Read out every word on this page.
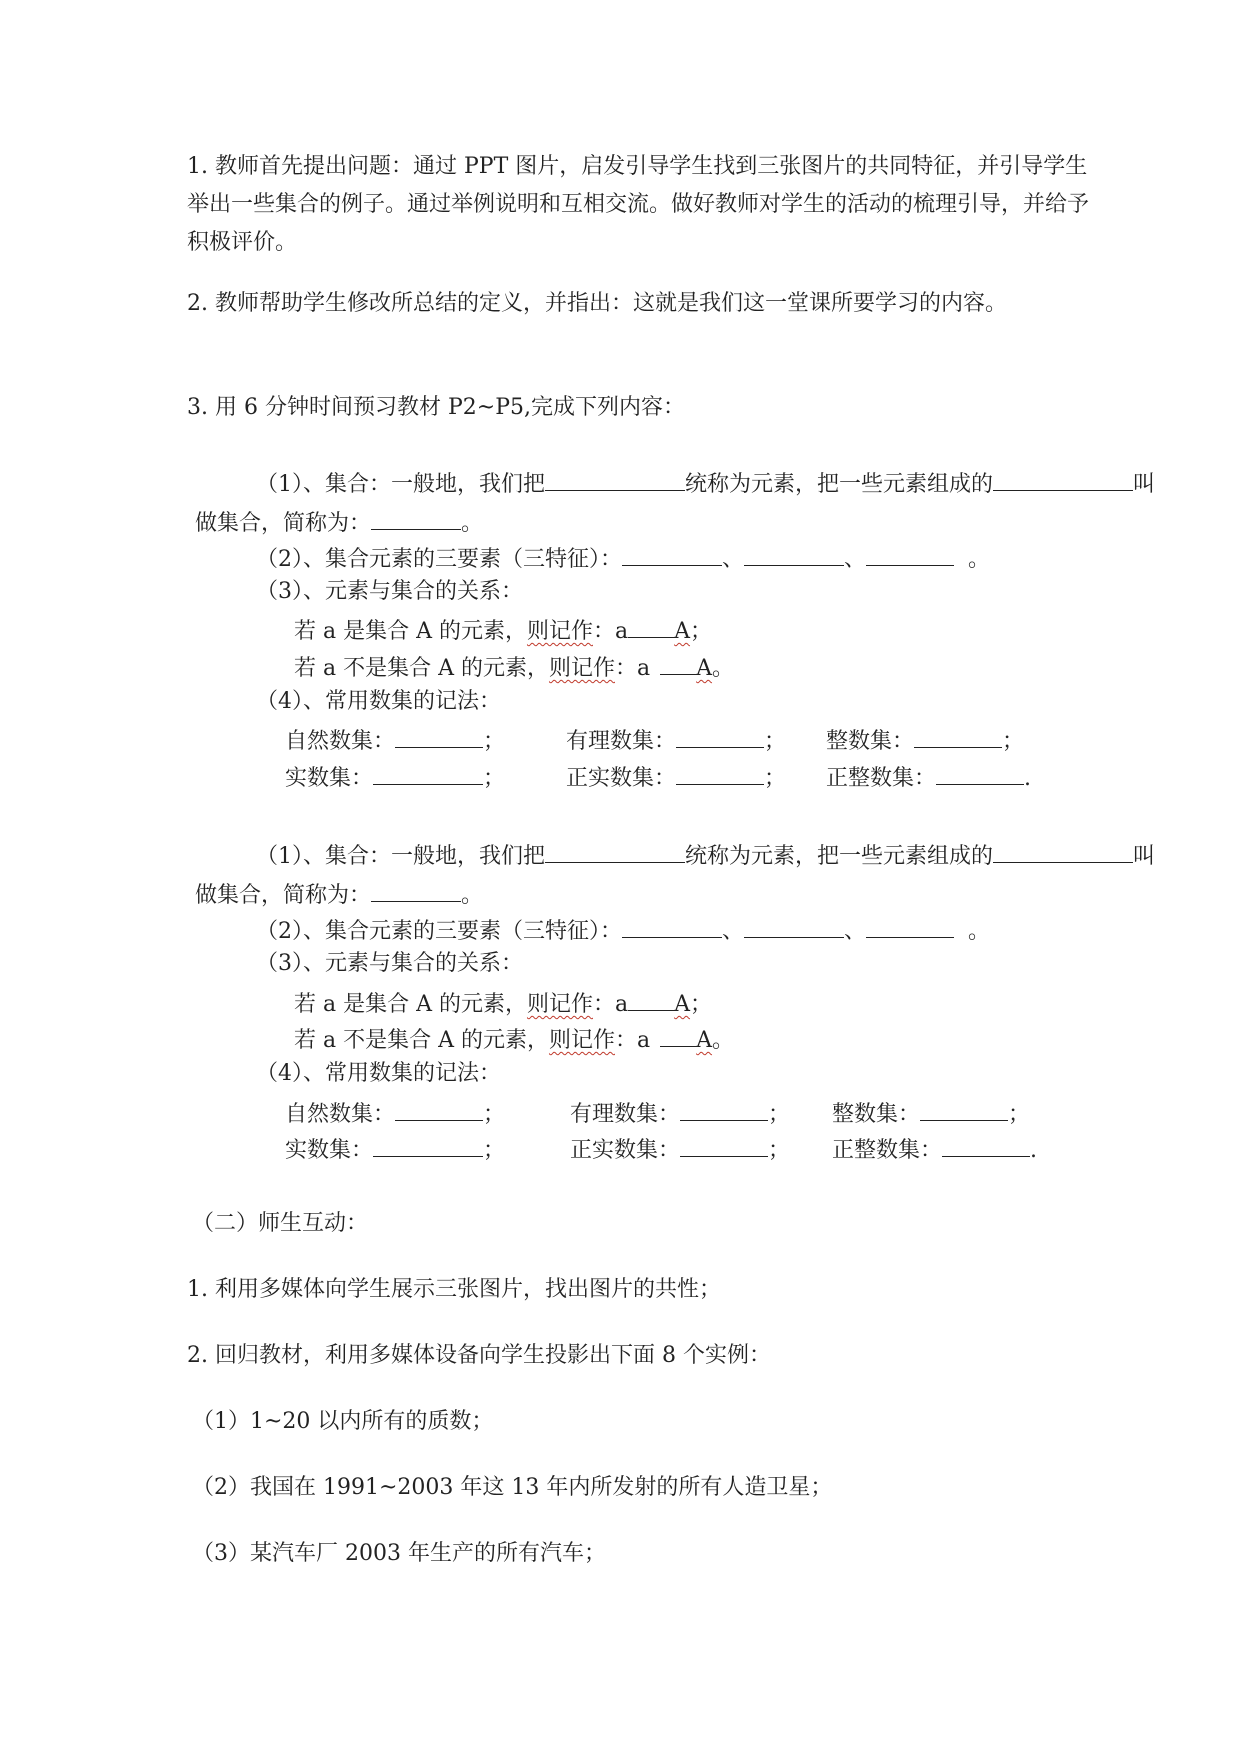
1. 教师首先提出问题：通过 PPT 图片，启发引导学生找到三张图片的共同特征，并引导学生举出一些集合的例子。通过举例说明和互相交流。做好教师对学生的活动的梳理引导，并给予积极评价。
2. 教师帮助学生修改所总结的定义，并指出：这就是我们这一堂课所要学习的内容。
3. 用 6 分钟时间预习教材 P2~P5,完成下列内容：
（1）、集合：一般地，我们把	统称为元素，把一些元素组成的	叫
做集合，简称为：	。
（2）、集合元素的三要素（三特征）：	、	、	。
（3）、元素与集合的关系：
若 a 是集合 A 的元素，则记作：a A；
若 a 不是集合 A 的元素，则记作：a A。
（4）、常用数集的记法：
自然数集：	；	有理数集：	； 整数集：	；
实数集：	；	正实数集：	； 正整数集：	.
（1）、集合：一般地，我们把	统称为元素，把一些元素组成的	叫
做集合，简称为：	。
（2）、集合元素的三要素（三特征）：	、	、	。
（3）、元素与集合的关系：
若 a 是集合 A 的元素，则记作：a A；
若 a 不是集合 A 的元素，则记作：a A。
（4）、常用数集的记法：
自然数集：	；	有理数集：	； 整数集：	；
实数集：	；	正实数集：	； 正整数集：	.
（二）师生互动：
1. 利用多媒体向学生展示三张图片，找出图片的共性；
2. 回归教材，利用多媒体设备向学生投影出下面 8 个实例：
（1）1~20 以内所有的质数；
（2）我国在 1991~2003 年这 13 年内所发射的所有人造卫星；
（3）某汽车厂 2003 年生产的所有汽车；
